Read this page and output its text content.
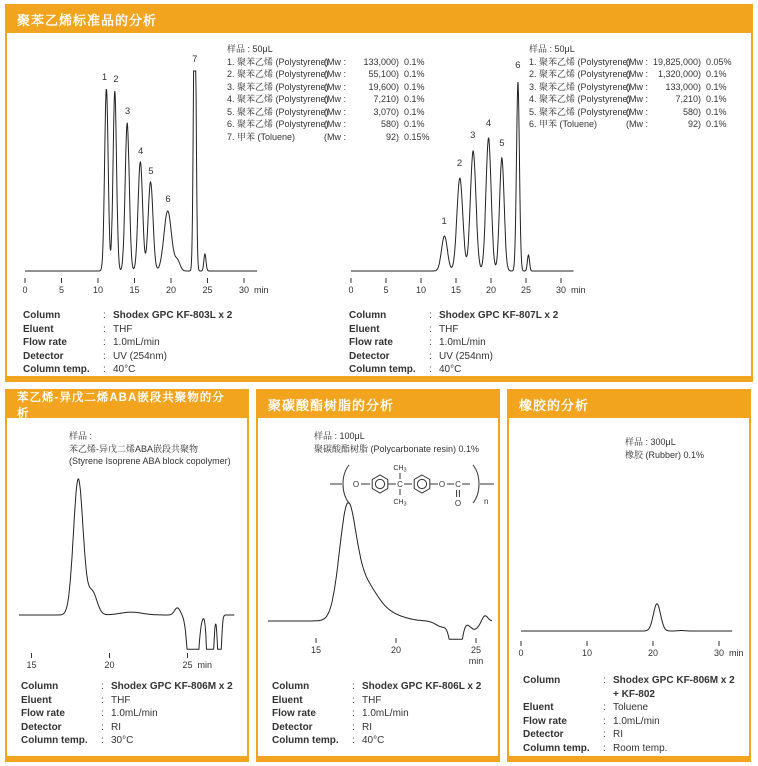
聚苯乙烯标准品的分析
0	5	10	15	20	25	30 min
1 2
3
4
5
6
7
样品 : 50μL
1. 聚苯乙烯 (Polystyrene)
(Mw :	133,000 ) 0.1%
2. 聚苯乙烯 (Polystyrene)
(Mw :	55,100 ) 0.1%
3. 聚苯乙烯 (Polystyrene)
(Mw :	19,600 ) 0.1%
4. 聚苯乙烯 (Polystyrene)
(Mw :	7,210 ) 0.1%
5. 聚苯乙烯 (Polystyrene)
(Mw :	3,070 ) 0.1%
6. 聚苯乙烯 (Polystyrene)
(Mw :	580 ) 0.1%
7. 甲苯 (Toluene)	(Mw :	92 ) 0.15%
Column	: Shodex GPC KF-803L x 2
Eluent	: THF
Flow rate	: 1.0mL/min
Detector	: UV (254nm)
Column temp.	: 40°C
0	5	10	15	20	25	30 min
1
2
3
4
5
6
样品 : 50μL
1. 聚苯乙烯 (Polystyrene)
(Mw : 19,825,000 ) 0.05%
2. 聚苯乙烯 (Polystyrene)
(Mw :	1,320,000 ) 0.1%
3. 聚苯乙烯 (Polystyrene)
(Mw :	133,000 ) 0.1%
4. 聚苯乙烯 (Polystyrene)
(Mw :	7,210 ) 0.1%
5. 聚苯乙烯 (Polystyrene)
(Mw :	580 ) 0.1%
6. 甲苯 (Toluene)	(Mw :	92 ) 0.1%
Column	: Shodex GPC KF-807L x 2
Eluent	: THF
Flow rate	: 1.0mL/min
Detector	: UV (254nm)
Column temp.	: 40°C
苯乙烯-异戊二烯ABA嵌段共聚物的分析
样品 :
苯乙烯-异戊二烯ABA嵌段共聚物
(Styrene Isoprene ABA block copolymer)
15	20	25 min
Column	: Shodex GPC KF-806M x 2
Eluent	: THF
Flow rate	: 1.0mL/min
Detector	: RI
Column temp.	: 30°C
聚碳酸酯树脂的分析
样品 : 100μL
聚碳酸酯树脂 (Polycarbonate resin) 0.1%
O	C
$CH_3$
$CH_3$
O C
O	n
15	20	25
min
Column	: Shodex GPC KF-806L x 2
Eluent	: THF
Flow rate	: 1.0mL/min
Detector	: RI
Column temp.	: 40°C
橡胶的分析
样品 : 300μL
橡胶 (Rubber) 0.1%
0	10	20	30 min
Column	: Shodex GPC KF-806M x 2
+ KF-802
Eluent	: Toluene
Flow rate	: 1.0mL/min
Detector	: RI
Column temp.	: Room temp.
